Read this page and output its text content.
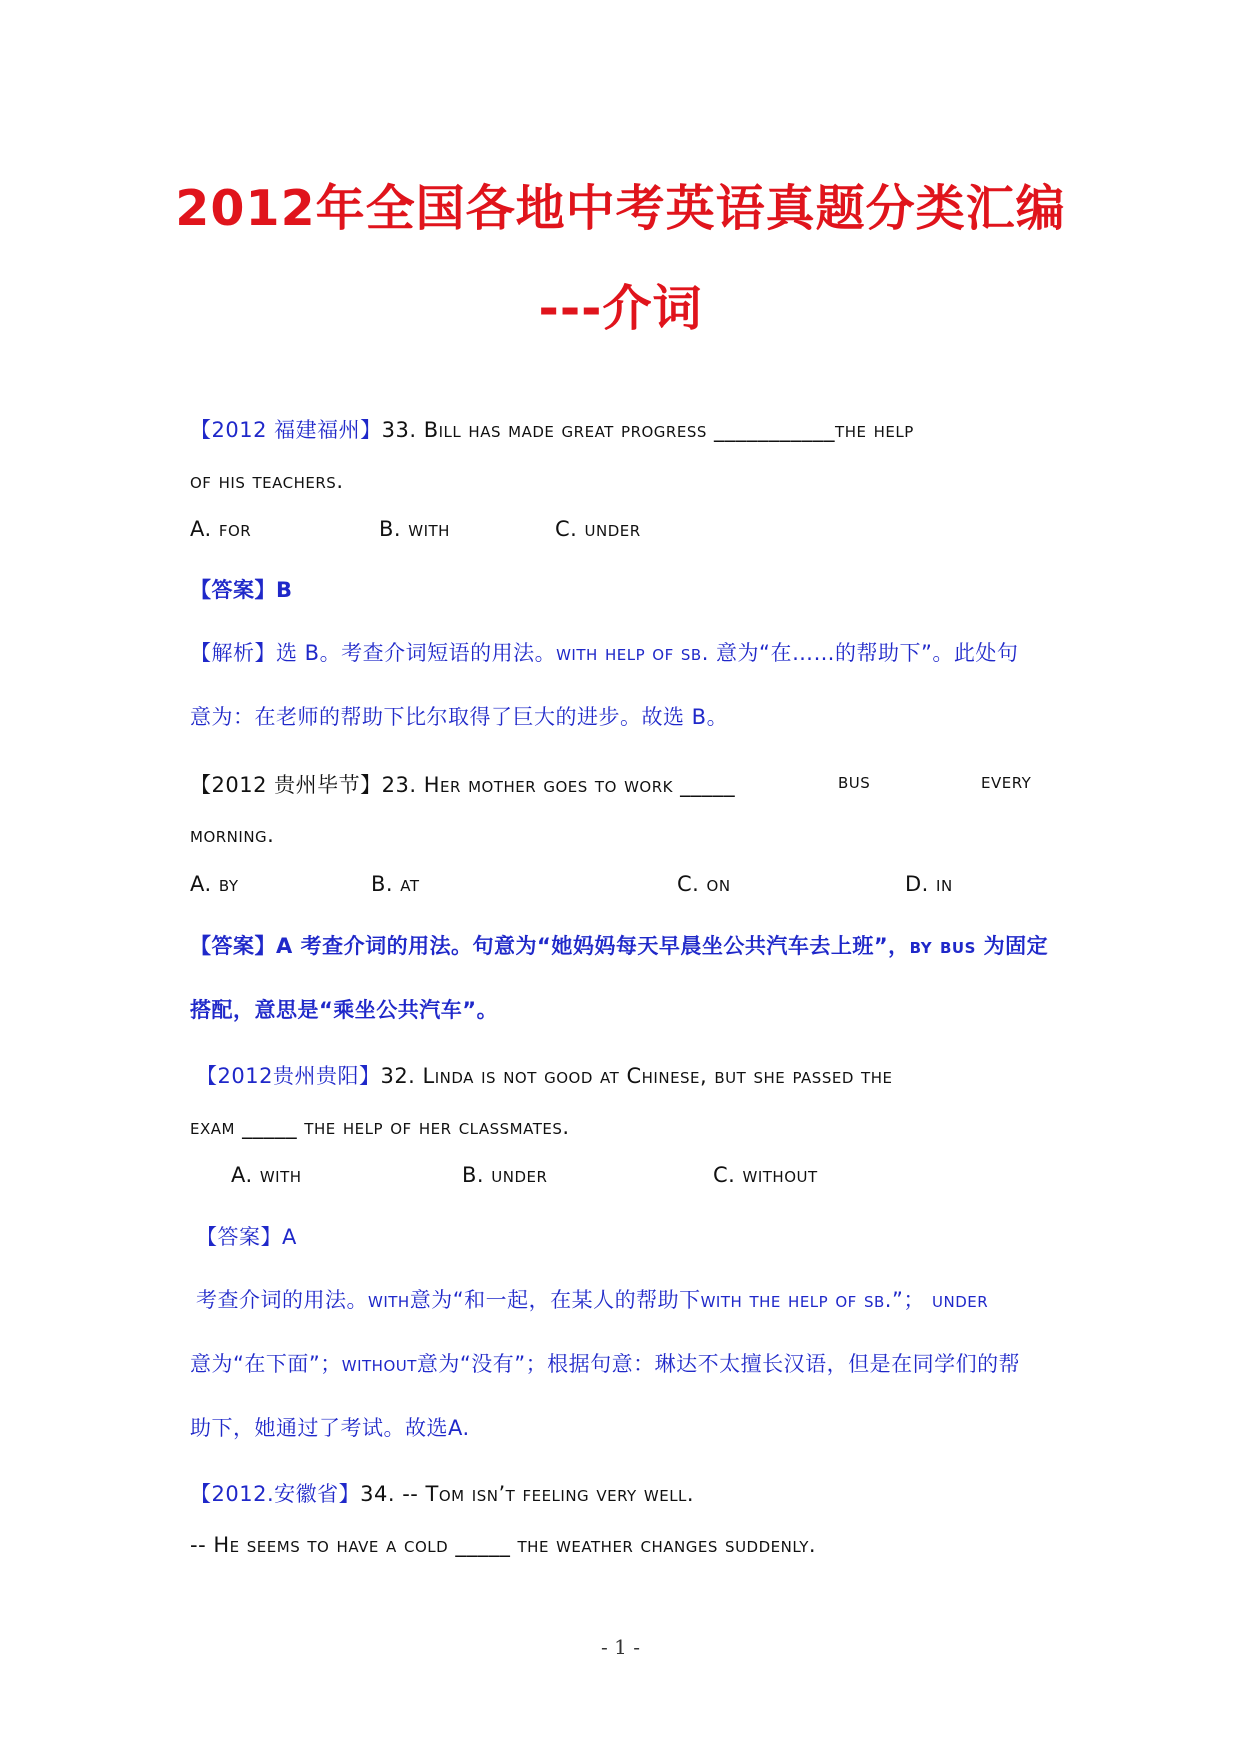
2012年全国各地中考英语真题分类汇编
---介词
【2012 福建福州】33. Bill has made great progress ___________the help
of his teachers.
A. for	B. with	C. under
【答案】B
【解析】选 B。考查介词短语的用法。with help of sb. 意为“在……的帮助下”。此处句
意为：在老师的帮助下比尔取得了巨大的进步。故选 B。
【2012 贵州毕节】23. Her mother goes to work _____	bus	every
morning.
A. by	B. at	C. on	D. in
【答案】A 考查介词的用法。句意为“她妈妈每天早晨坐公共汽车去上班”，by bus 为固定
搭配，意思是“乘坐公共汽车”。
【2012贵州贵阳】32. Linda is not good at Chinese, but she passed the
exam _____ the help of her classmates.
A. with	B. under	C. without
【答案】A
考查介词的用法。with意为“和一起，在某人的帮助下with the help of sb.”； under
意为“在下面”；without意为“没有”；根据句意：琳达不太擅长汉语，但是在同学们的帮
助下，她通过了考试。故选A.
【2012.安徽省】34. -- Tom isn’t feeling very well.
-- He seems to have a cold _____ the weather changes suddenly.
- 1 -
